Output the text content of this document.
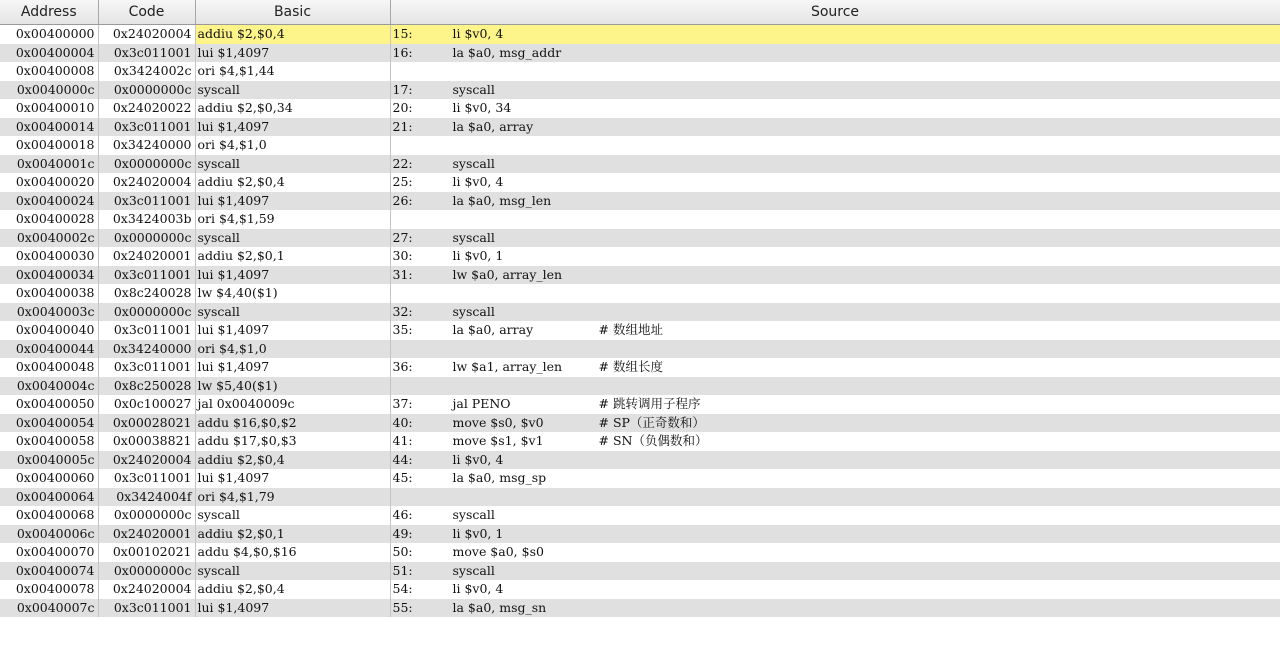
Address	Code	Basic	Source
0x00400000	0x24020004	addiu $2,$0,4	15: li $v0, 4
0x00400004	0x3c011001	lui $1,4097	16: la $a0, msg_addr
0x00400008	0x3424002c	ori $4,$1,44	
0x0040000c	0x0000000c	syscall	17: syscall
0x00400010	0x24020022	addiu $2,$0,34	20: li $v0, 34
0x00400014	0x3c011001	lui $1,4097	21: la $a0, array
0x00400018	0x34240000	ori $4,$1,0	
0x0040001c	0x0000000c	syscall	22: syscall
0x00400020	0x24020004	addiu $2,$0,4	25: li $v0, 4
0x00400024	0x3c011001	lui $1,4097	26: la $a0, msg_len
0x00400028	0x3424003b	ori $4,$1,59	
0x0040002c	0x0000000c	syscall	27: syscall
0x00400030	0x24020001	addiu $2,$0,1	30: li $v0, 1
0x00400034	0x3c011001	lui $1,4097	31: lw $a0, array_len
0x00400038	0x8c240028	lw $4,40($1)	
0x0040003c	0x0000000c	syscall	32: syscall
0x00400040	0x3c011001	lui $1,4097	35: la $a0, array # 数组地址
0x00400044	0x34240000	ori $4,$1,0	
0x00400048	0x3c011001	lui $1,4097	36: lw $a1, array_len # 数组长度
0x0040004c	0x8c250028	lw $5,40($1)	
0x00400050	0x0c100027	jal 0x0040009c	37: jal PENO # 跳转调用子程序
0x00400054	0x00028021	addu $16,$0,$2	40: move $s0, $v0 # SP（正奇数和）
0x00400058	0x00038821	addu $17,$0,$3	41: move $s1, $v1 # SN（负偶数和）
0x0040005c	0x24020004	addiu $2,$0,4	44: li $v0, 4
0x00400060	0x3c011001	lui $1,4097	45: la $a0, msg_sp
0x00400064	0x3424004f	ori $4,$1,79	
0x00400068	0x0000000c	syscall	46: syscall
0x0040006c	0x24020001	addiu $2,$0,1	49: li $v0, 1
0x00400070	0x00102021	addu $4,$0,$16	50: move $a0, $s0
0x00400074	0x0000000c	syscall	51: syscall
0x00400078	0x24020004	addiu $2,$0,4	54: li $v0, 4
0x0040007c	0x3c011001	lui $1,4097	55: la $a0, msg_sn
